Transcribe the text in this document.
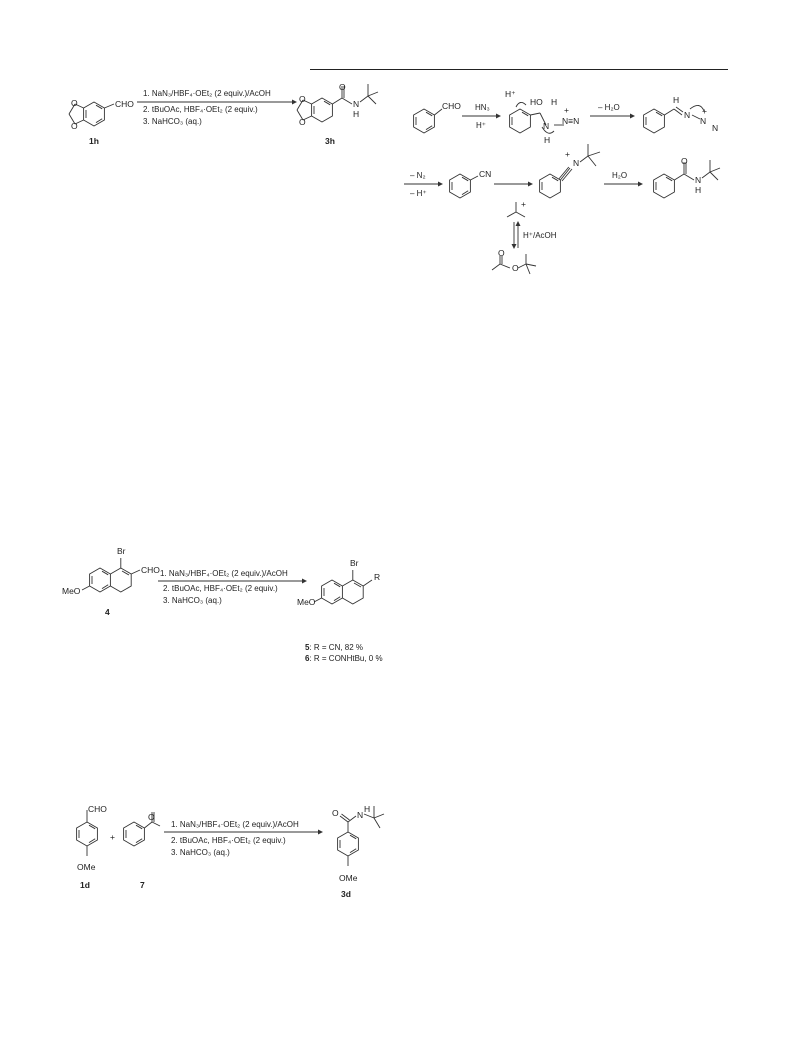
O
O
CHO
1h
1. NaN₃/HBF₄·OEt₂ (2 equiv.)/AcOH
2. tBuOAc, HBF₄·OEt₂ (2 equiv.)
3. NaHCO₃ (aq.)
O
O
O
N
H
3h
CHO HN₃
H⁺
H⁺
HO H
N
+
N≡N
H
– H₂O
H
N +
N
N
– N₂
– H⁺
CN
N
+
H₂O
O
N
H
+
H⁺/AcOH
O
O
Br
CHO
MeO
4
1. NaN₃/HBF₄·OEt₂ (2 equiv.)/AcOH
2. tBuOAc, HBF₄·OEt₂ (2 equiv.)
3. NaHCO₃ (aq.)
Br
R
MeO
5: R = CN, 82 %
6: R = CONHtBu, 0 %
CHO
OMe
1d
+
O
7
1. NaN₃/HBF₄·OEt₂ (2 equiv.)/AcOH
2. tBuOAc, HBF₄·OEt₂ (2 equiv.)
3. NaHCO₃ (aq.)
O N
H
OMe
3d
